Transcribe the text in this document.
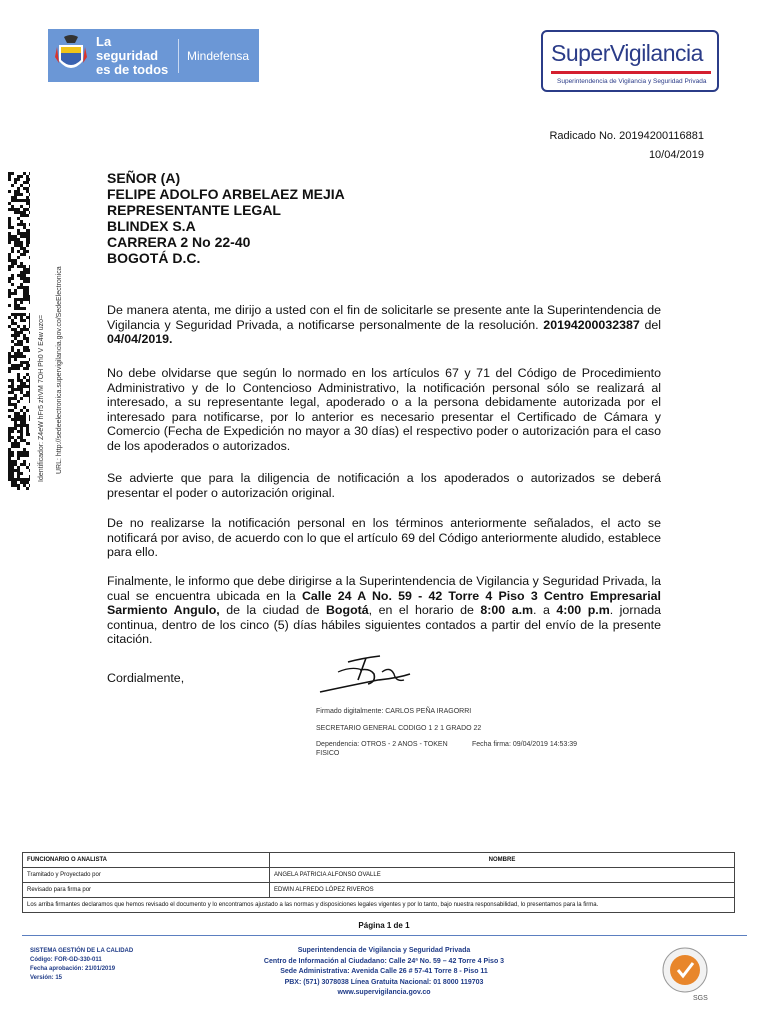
La seguridad
es de todos
Mindefensa	SuperVigilancia
Superintendencia de Vigilancia y Seguridad Privada
Radicado No. 20194200116881
10/04/2019
Identificador: Z4eW hFr5 zhVM 7OH Ph0 V E4w uzo= URL: http://sedeelectronica.supervigilancia.gov.co/SedeElectronica
SEÑOR (A)
FELIPE ADOLFO ARBELAEZ MEJIA
REPRESENTANTE LEGAL
BLINDEX S.A
CARRERA 2 No 22-40
BOGOTÁ D.C.
De manera atenta, me dirijo a usted con el fin de solicitarle se presente ante la Superintendencia de Vigilancia y Seguridad Privada, a notificarse personalmente de la resolución. 20194200032387 del 04/04/2019.
No debe olvidarse que según lo normado en los artículos 67 y 71 del Código de Procedimiento Administrativo y de lo Contencioso Administrativo, la notificación personal sólo se realizará al interesado, a su representante legal, apoderado o a la persona debidamente autorizada por el interesado para notificarse, por lo anterior es necesario presentar el Certificado de Cámara y Comercio (Fecha de Expedición no mayor a 30 días) el respectivo poder o autorización para el caso de los apoderados o autorizados.
Se advierte que para la diligencia de notificación a los apoderados o autorizados se deberá presentar el poder o autorización original.
De no realizarse la notificación personal en los términos anteriormente señalados, el acto se notificará por aviso, de acuerdo con lo que el artículo 69 del Código anteriormente aludido, establece para ello.
Finalmente, le informo que debe dirigirse a la Superintendencia de Vigilancia y Seguridad Privada, la cual se encuentra ubicada en la Calle 24 A No. 59 - 42 Torre 4 Piso 3 Centro Empresarial Sarmiento Angulo, de la ciudad de Bogotá, en el horario de 8:00 a.m. a 4:00 p.m. jornada continua, dentro de los cinco (5) días hábiles siguientes contados a partir del envío de la presente citación.
Cordialmente,
Firmado digitalmente: CARLOS PEÑA IRAGORRI
SECRETARIO GENERAL CODIGO 1 2 1 GRADO 22
Dependencia: OTROS - 2 ANOS - TOKEN	Fecha firma: 09/04/2019 14:53:39
FISICO
FUNCIONARIO O ANALISTA	NOMBRE
Tramitado y Proyectado por	ANGELA PATRICIA ALFONSO OVALLE
Revisado para firma por	EDWIN ALFREDO LÓPEZ RIVEROS
Los arriba firmantes declaramos que hemos revisado el documento y lo encontramos ajustado a las normas y disposiciones legales vigentes y por lo tanto, bajo nuestra responsabilidad, lo presentamos para la firma.	
Página 1 de 1
SISTEMA GESTIÓN DE LA CALIDAD
Código: FOR-GD-330-011
Fecha aprobación: 21/01/2019
Versión: 15
Superintendencia de Vigilancia y Seguridad Privada
Centro de Información al Ciudadano: Calle 24ª No. 59 – 42 Torre 4 Piso 3
Sede Administrativa: Avenida Calle 26 # 57-41 Torre 8 - Piso 11
PBX: (571) 3078038 Línea Gratuita Nacional: 01 8000 119703
www.supervigilancia.gov.co
SGS
